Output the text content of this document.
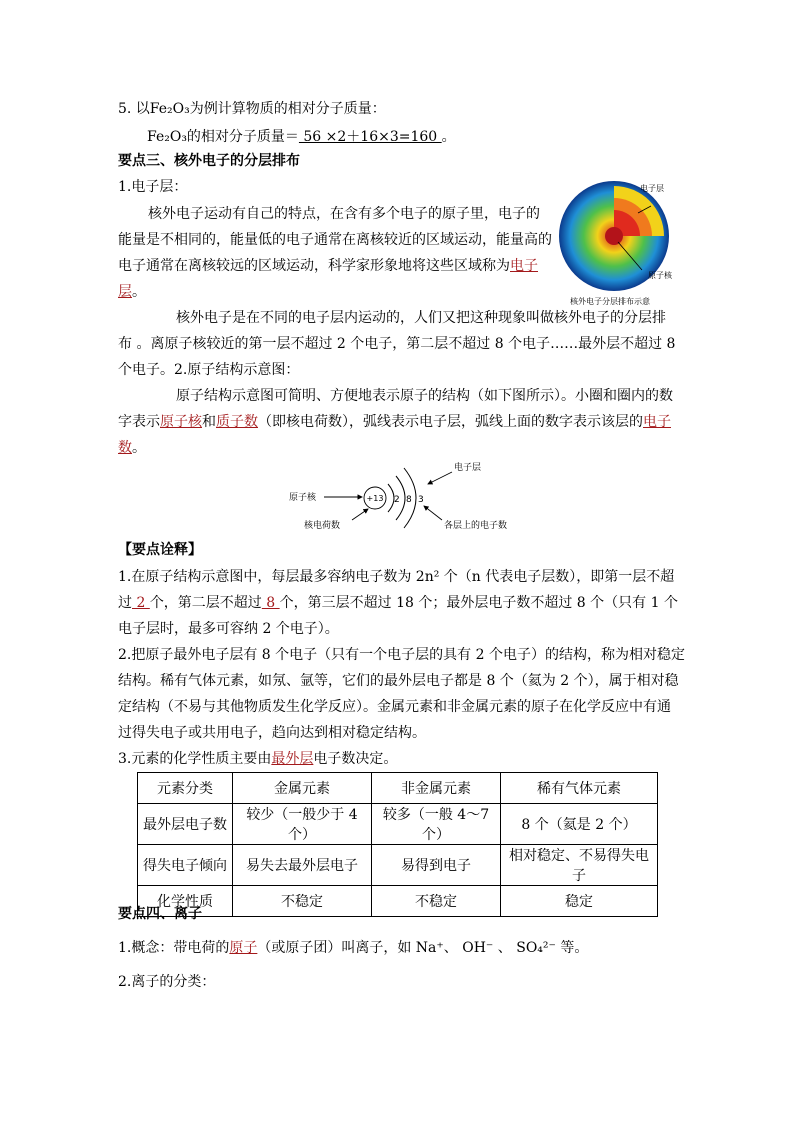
5. 以Fe₂O₃为例计算物质的相对分子质量：
Fe₂O₃的相对分子质量＝ 56 ×2＋16×3=160 。
要点三、核外电子的分层排布
1.电子层：
核外电子运动有自己的特点，在含有多个电子的原子里，电子的
能量是不相同的，能量低的电子通常在离核较近的区域运动，能量高的
电子通常在离核较远的区域运动，科学家形象地将这些区域称为电子
层。
电子层
原子核
核外电子分层排布示意
核外电子是在不同的电子层内运动的，人们又把这种现象叫做核外电子的分层排
布 。离原子核较近的第一层不超过 2 个电子，第二层不超过 8 个电子……最外层不超过 8
个电子。2.原子结构示意图：
原子结构示意图可简明、方便地表示原子的结构（如下图所示）。小圈和圈内的数
字表示原子核和质子数（即核电荷数），弧线表示电子层，弧线上面的数字表示该层的电子
数。
原子核	+13 2 8 3
电子层
核电荷数	各层上的电子数
【要点诠释】
1.在原子结构示意图中，每层最多容纳电子数为 2n² 个（n 代表电子层数），即第一层不超
过 2 个，第二层不超过 8 个，第三层不超过 18 个；最外层电子数不超过 8 个（只有 1 个
电子层时，最多可容纳 2 个电子）。
2.把原子最外电子层有 8 个电子（只有一个电子层的具有 2 个电子）的结构，称为相对稳定
结构。稀有气体元素，如氖、氩等，它们的最外层电子都是 8 个（氦为 2 个），属于相对稳
定结构（不易与其他物质发生化学反应）。金属元素和非金属元素的原子在化学反应中有通
过得失电子或共用电子，趋向达到相对稳定结构。
3.元素的化学性质主要由最外层电子数决定。
元素分类	金属元素	非金属元素	稀有气体元素
最外层电子数	较少（一般少于 4 个）	较多（一般 4～7 个）	8 个（氦是 2 个）
得失电子倾向	易失去最外层电子	易得到电子	相对稳定、不易得失电子
化学性质	不稳定	不稳定	稳定
要点四、离子
1.概念：带电荷的原子（或原子团）叫离子，如 Na⁺、 OH⁻ 、 SO₄²⁻ 等。
2.离子的分类：
